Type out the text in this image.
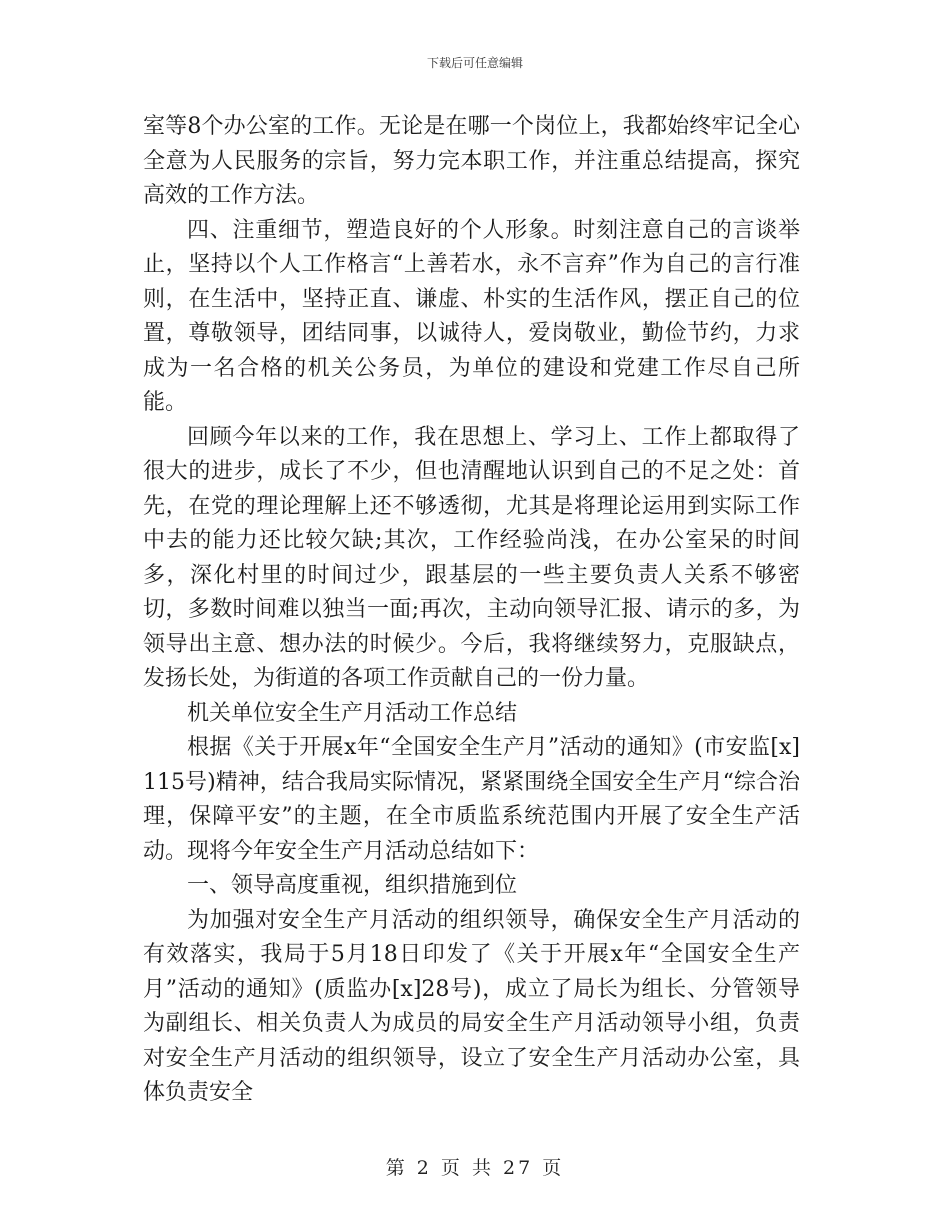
下载后可任意编辑

室等8个办公室的工作。无论是在哪一个岗位上，我都始终牢记全心全意为人民服务的宗旨，努力完本职工作，并注重总结提高，探究高效的工作方法。

四、注重细节，塑造良好的个人形象。时刻注意自己的言谈举止，坚持以个人工作格言“上善若水，永不言弃”作为自己的言行准则，在生活中，坚持正直、谦虚、朴实的生活作风，摆正自己的位置，尊敬领导，团结同事，以诚待人，爱岗敬业，勤俭节约，力求成为一名合格的机关公务员，为单位的建设和党建工作尽自己所能。

回顾今年以来的工作，我在思想上、学习上、工作上都取得了很大的进步，成长了不少，但也清醒地认识到自己的不足之处：首先，在党的理论理解上还不够透彻，尤其是将理论运用到实际工作中去的能力还比较欠缺;其次，工作经验尚浅，在办公室呆的时间多，深化村里的时间过少，跟基层的一些主要负责人关系不够密切，多数时间难以独当一面;再次，主动向领导汇报、请示的多，为领导出主意、想办法的时候少。今后，我将继续努力，克服缺点，发扬长处，为街道的各项工作贡献自己的一份力量。

机关单位安全生产月活动工作总结

根据《关于开展x年“全国安全生产月”活动的通知》(市安监[x]115号)精神，结合我局实际情况，紧紧围绕全国安全生产月“综合治理，保障平安”的主题，在全市质监系统范围内开展了安全生产活动。现将今年安全生产月活动总结如下：

一、领导高度重视，组织措施到位

为加强对安全生产月活动的组织领导，确保安全生产月活动的有效落实，我局于5月18日印发了《关于开展x年“全国安全生产月”活动的通知》(质监办[x]28号)，成立了局长为组长、分管领导为副组长、相关负责人为成员的局安全生产月活动领导小组，负责对安全生产月活动的组织领导，设立了安全生产月活动办公室，具体负责安全

第 2 页 共 27 页
